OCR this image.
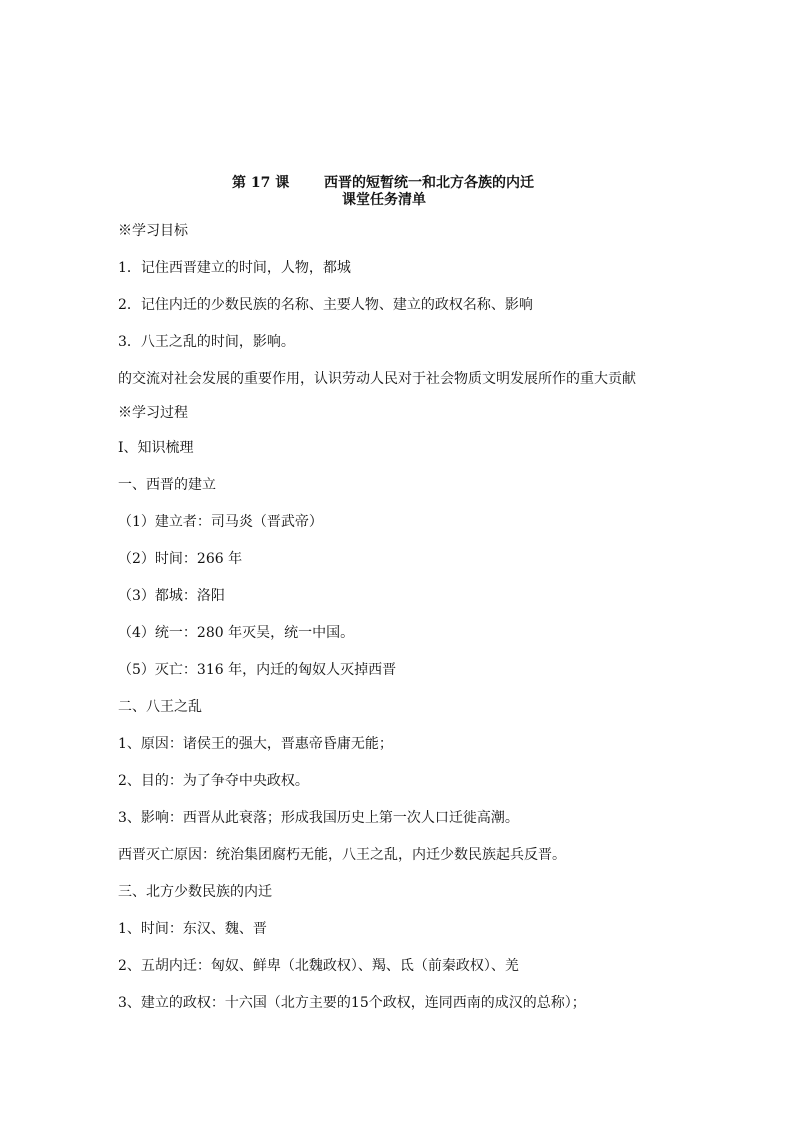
第 17 课 西晋的短暂统一和北方各族的内迁
课堂任务清单
※学习目标
1．记住西晋建立的时间，人物，都城
2．记住内迁的少数民族的名称、主要人物、建立的政权名称、影响
3．八王之乱的时间，影响。
的交流对社会发展的重要作用，认识劳动人民对于社会物质文明发展所作的重大贡献
※学习过程
Ⅰ、知识梳理
一、西晋的建立
（1）建立者：司马炎（晋武帝）
（2）时间：266 年
（3）都城：洛阳
（4）统一：280 年灭吴，统一中国。
（5）灭亡：316 年，内迁的匈奴人灭掉西晋
二、八王之乱
1、原因：诸侯王的强大，晋惠帝昏庸无能；
2、目的：为了争夺中央政权。
3、影响：西晋从此衰落；形成我国历史上第一次人口迁徙高潮。
西晋灭亡原因：统治集团腐朽无能，八王之乱，内迁少数民族起兵反晋。
三、北方少数民族的内迁
1、时间：东汉、魏、晋
2、五胡内迁：匈奴、鲜卑（北魏政权）、羯、氐（前秦政权）、羌
3、建立的政权：十六国（北方主要的15个政权，连同西南的成汉的总称）；
